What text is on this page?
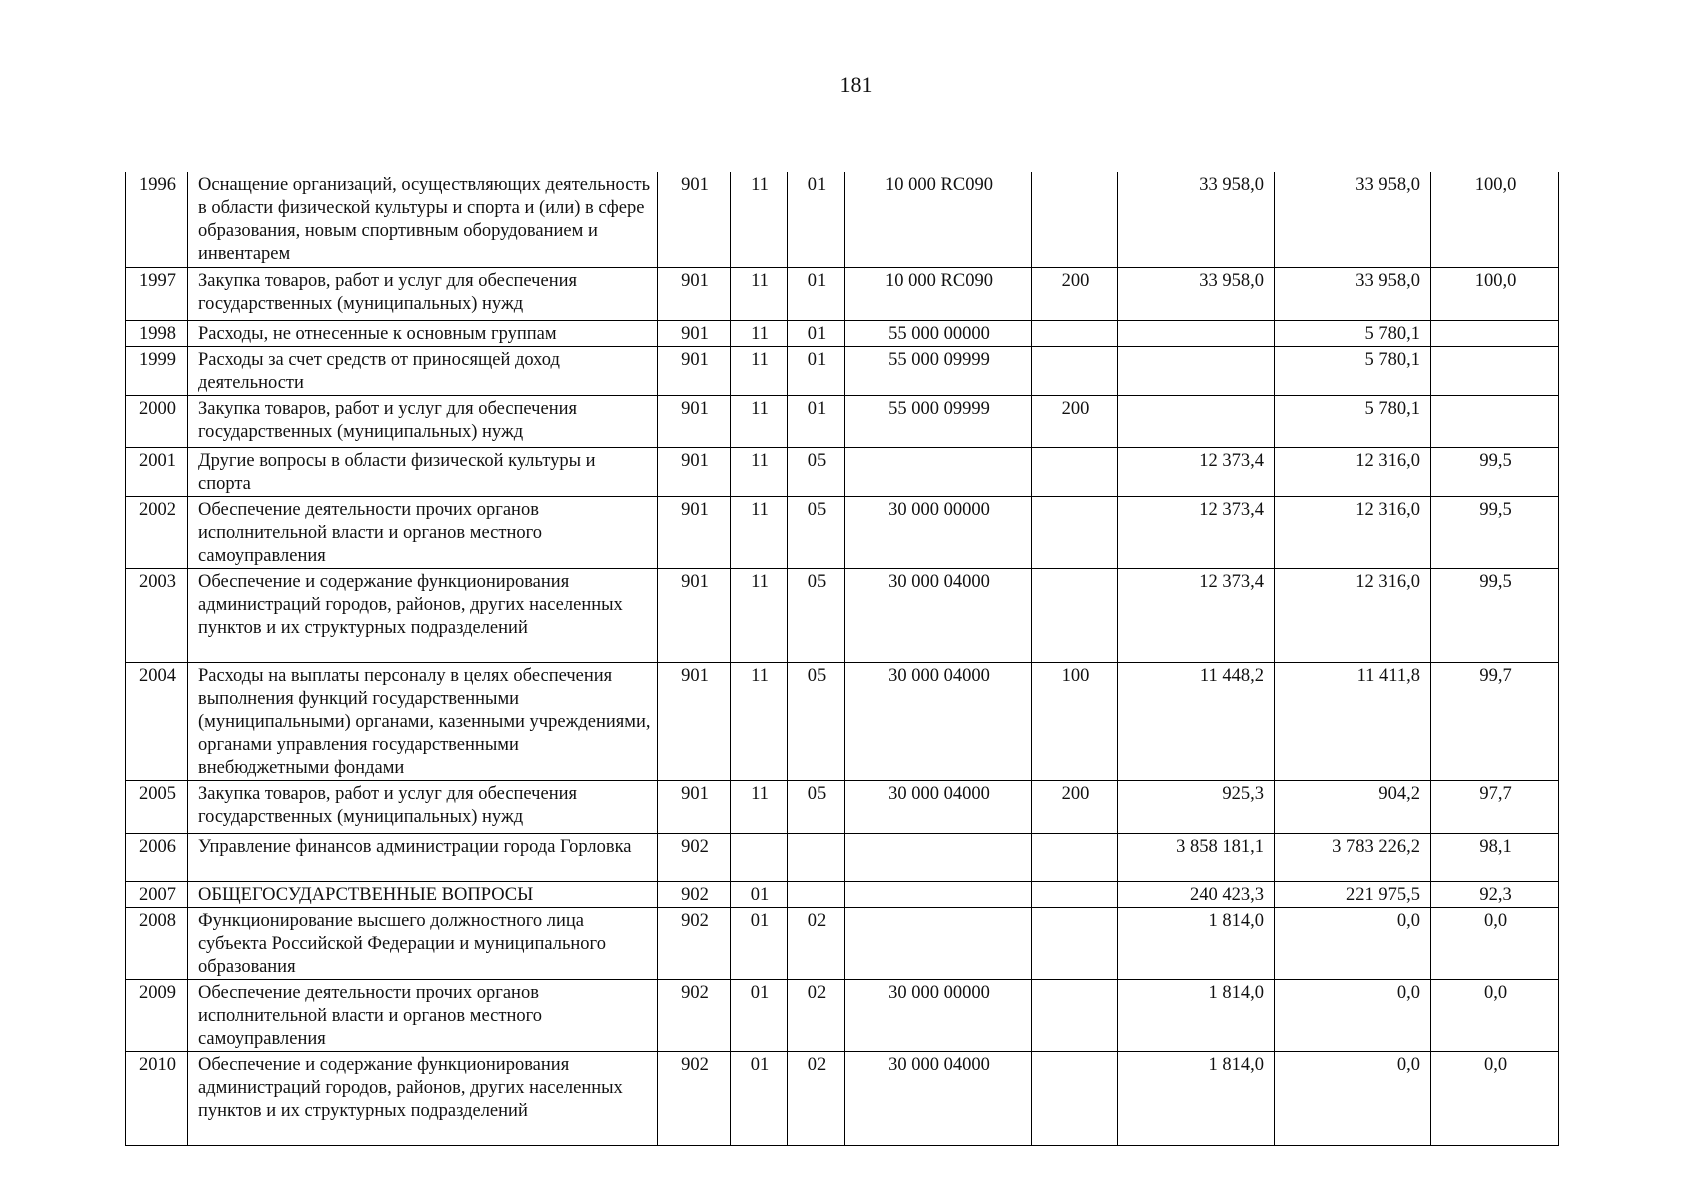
181
1996	Оснащение организаций, осуществляющих деятельность в области физической культуры и спорта и (или) в сфере образования, новым спортивным оборудованием и инвентарем	901	11	01	10 000 RC090		33 958,0	33 958,0	100,0
1997	Закупка товаров, работ и услуг для обеспечения государственных (муниципальных) нужд	901	11	01	10 000 RC090	200	33 958,0	33 958,0	100,0
1998	Расходы, не отнесенные к основным группам	901	11	01	55 000 00000			5 780,1	
1999	Расходы за счет средств от приносящей доход деятельности	901	11	01	55 000 09999			5 780,1	
2000	Закупка товаров, работ и услуг для обеспечения государственных (муниципальных) нужд	901	11	01	55 000 09999	200		5 780,1	
2001	Другие вопросы в области физической культуры и спорта	901	11	05			12 373,4	12 316,0	99,5
2002	Обеспечение деятельности прочих органов исполнительной власти и органов местного самоуправления	901	11	05	30 000 00000		12 373,4	12 316,0	99,5
2003	Обеспечение и содержание функционирования администраций городов, районов, других населенных пунктов и их структурных подразделений	901	11	05	30 000 04000		12 373,4	12 316,0	99,5
2004	Расходы на выплаты персоналу в целях обеспечения выполнения функций государственными (муниципальными) органами, казенными учреждениями, органами управления государственными внебюджетными фондами	901	11	05	30 000 04000	100	11 448,2	11 411,8	99,7
2005	Закупка товаров, работ и услуг для обеспечения государственных (муниципальных) нужд	901	11	05	30 000 04000	200	925,3	904,2	97,7
2006	Управление финансов администрации города Горловка	902					3 858 181,1	3 783 226,2	98,1
2007	ОБЩЕГОСУДАРСТВЕННЫЕ ВОПРОСЫ	902	01				240 423,3	221 975,5	92,3
2008	Функционирование высшего должностного лица субъекта Российской Федерации и муниципального образования	902	01	02			1 814,0	0,0	0,0
2009	Обеспечение деятельности прочих органов исполнительной власти и органов местного самоуправления	902	01	02	30 000 00000		1 814,0	0,0	0,0
2010	Обеспечение и содержание функционирования администраций городов, районов, других населенных пунктов и их структурных подразделений	902	01	02	30 000 04000		1 814,0	0,0	0,0
